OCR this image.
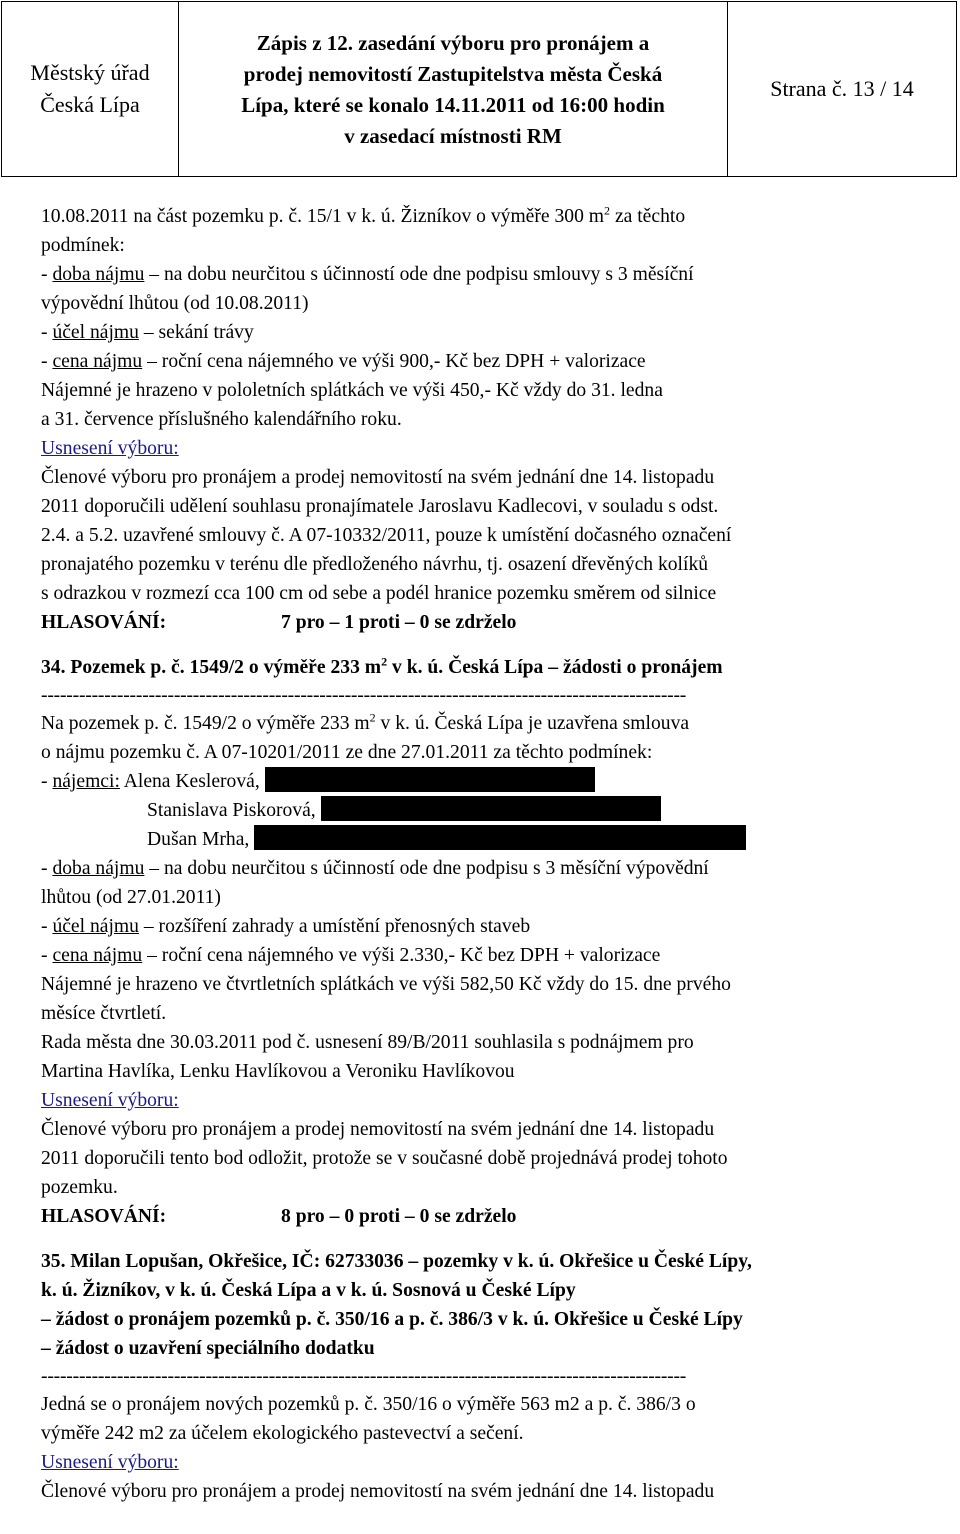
Městský úřad
Česká Lípa
Zápis z 12. zasedání výboru pro pronájem a
prodej nemovitostí Zastupitelstva města Česká
Lípa, které se konalo 14.11.2011 od 16:00 hodin
v zasedací místnosti RM
Strana č. 13 / 14
10.08.2011 na část pozemku p. č. 15/1 v k. ú. Žizníkov o výměře 300 $m^2$ za těchto
podmínek:
- doba nájmu – na dobu neurčitou s účinností ode dne podpisu smlouvy s 3 měsíční
výpovědní lhůtou (od 10.08.2011)
- účel nájmu – sekání trávy
- cena nájmu – roční cena nájemného ve výši 900,- Kč bez DPH + valorizace
Nájemné je hrazeno v pololetních splátkách ve výši 450,- Kč vždy do 31. ledna
a 31. července příslušného kalendářního roku.
Usnesení výboru:
Členové výboru pro pronájem a prodej nemovitostí na svém jednání dne 14. listopadu
2011 doporučili udělení souhlasu pronajímatele Jaroslavu Kadlecovi, v souladu s odst.
2.4. a 5.2. uzavřené smlouvy č. A 07-10332/2011, pouze k umístění dočasného označení
pronajatého pozemku v terénu dle předloženého návrhu, tj. osazení dřevěných kolíků
s odrazkou v rozmezí cca 100 cm od sebe a podél hranice pozemku směrem od silnice
HLASOVÁNÍ:	7 pro – 1 proti – 0 se zdrželo
34. Pozemek p. č. 1549/2 o výměře 233 $m^2$ v k. ú. Česká Lípa – žádosti o pronájem
------------------------------------------------------------------------------------------------------
Na pozemek p. č. 1549/2 o výměře 233 $m^2$ v k. ú. Česká Lípa je uzavřena smlouva
o nájmu pozemku č. A 07-10201/2011 ze dne 27.01.2011 za těchto podmínek:
- nájemci: Alena Keslerová,
Stanislava Piskorová,
Dušan Mrha,
- doba nájmu – na dobu neurčitou s účinností ode dne podpisu s 3 měsíční výpovědní
lhůtou (od 27.01.2011)
- účel nájmu – rozšíření zahrady a umístění přenosných staveb
- cena nájmu – roční cena nájemného ve výši 2.330,- Kč bez DPH + valorizace
Nájemné je hrazeno ve čtvrtletních splátkách ve výši 582,50 Kč vždy do 15. dne prvého
měsíce čtvrtletí.
Rada města dne 30.03.2011 pod č. usnesení 89/B/2011 souhlasila s podnájmem pro
Martina Havlíka, Lenku Havlíkovou a Veroniku Havlíkovou
Usnesení výboru:
Členové výboru pro pronájem a prodej nemovitostí na svém jednání dne 14. listopadu
2011 doporučili tento bod odložit, protože se v současné době projednává prodej tohoto
pozemku.
HLASOVÁNÍ:	8 pro – 0 proti – 0 se zdrželo
35. Milan Lopušan, Okřešice, IČ: 62733036 – pozemky v k. ú. Okřešice u České Lípy,
k. ú. Žizníkov, v k. ú. Česká Lípa a v k. ú. Sosnová u České Lípy
– žádost o pronájem pozemků p. č. 350/16 a p. č. 386/3 v k. ú. Okřešice u České Lípy
– žádost o uzavření speciálního dodatku
------------------------------------------------------------------------------------------------------
Jedná se o pronájem nových pozemků p. č. 350/16 o výměře 563 m2 a p. č. 386/3 o
výměře 242 m2 za účelem ekologického pastevectví a sečení.
Usnesení výboru:
Členové výboru pro pronájem a prodej nemovitostí na svém jednání dne 14. listopadu
